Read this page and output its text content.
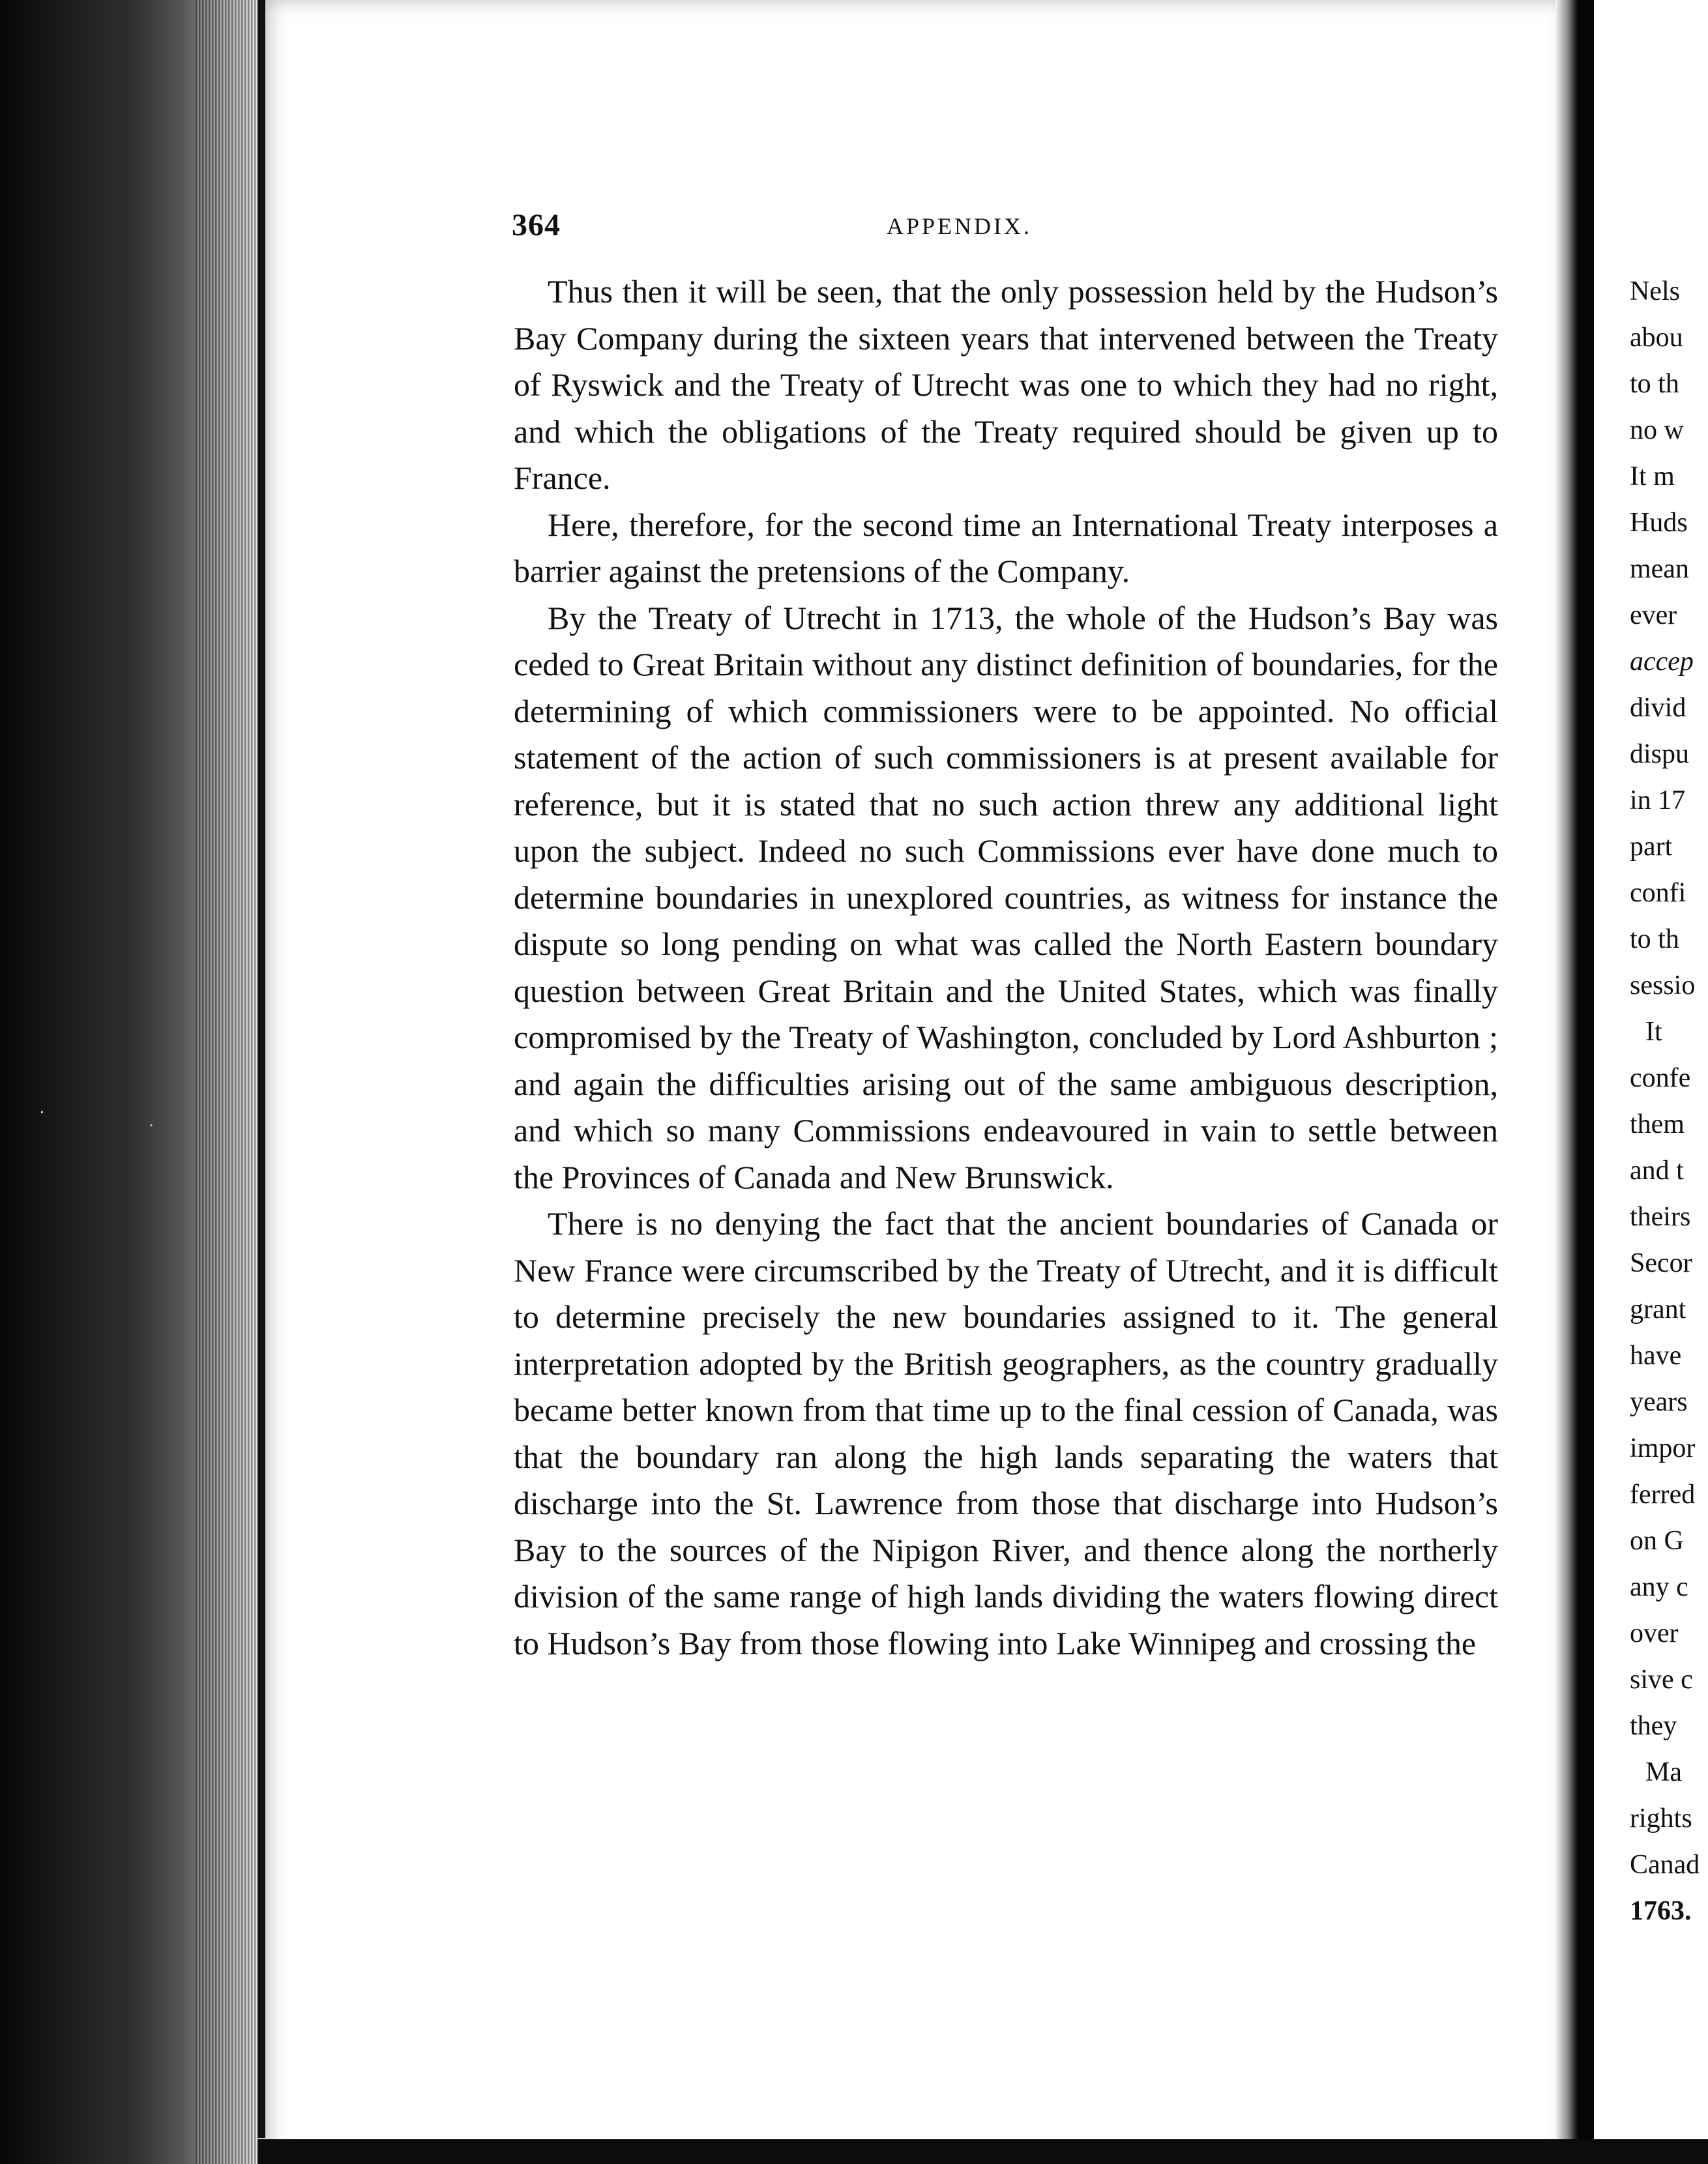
·
˙
364	APPENDIX.

Thus then it will be seen, that the only possession held by the Hudson’s Bay Company during the sixteen years that intervened between the Treaty of Ryswick and the Treaty of Utrecht was one to which they had no right, and which the obligations of the Treaty required should be given up to France.

Here, therefore, for the second time an International Treaty interposes a barrier against the pretensions of the Company.

By the Treaty of Utrecht in 1713, the whole of the Hudson’s Bay was ceded to Great Britain without any distinct definition of boundaries, for the determining of which commissioners were to be appointed. No official statement of the action of such commissioners is at present available for reference, but it is stated that no such action threw any additional light upon the subject. Indeed no such Commissions ever have done much to determine boundaries in unexplored countries, as witness for instance the dispute so long pending on what was called the North Eastern boundary question between Great Britain and the United States, which was finally compromised by the Treaty of Washington, concluded by Lord Ashburton ; and again the difficulties arising out of the same ambiguous description, and which so many Commissions endeavoured in vain to settle between the Provinces of Canada and New Brunswick.

There is no denying the fact that the ancient boundaries of Canada or New France were circumscribed by the Treaty of Utrecht, and it is difficult to determine precisely the new boundaries assigned to it. The general interpretation adopted by the British geographers, as the country gradually became better known from that time up to the final cession of Canada, was that the boundary ran along the high lands separating the waters that discharge into the St. Lawrence from those that discharge into Hudson’s Bay to the sources of the Nipigon River, and thence along the northerly division of the same range of high lands dividing the waters flowing direct to Hudson’s Bay from those flowing into Lake Winnipeg and crossing the

Nels
abou
to th
no w
It m
Huds
mean
ever
accep
divid
dispu
in 17
part
confi
to th
sessio
It
confe
them
and t
theirs
Secor
grant
have
years
impor
ferred
on G
any c
over
sive c
they
Ma
rights
Canad
1763.
